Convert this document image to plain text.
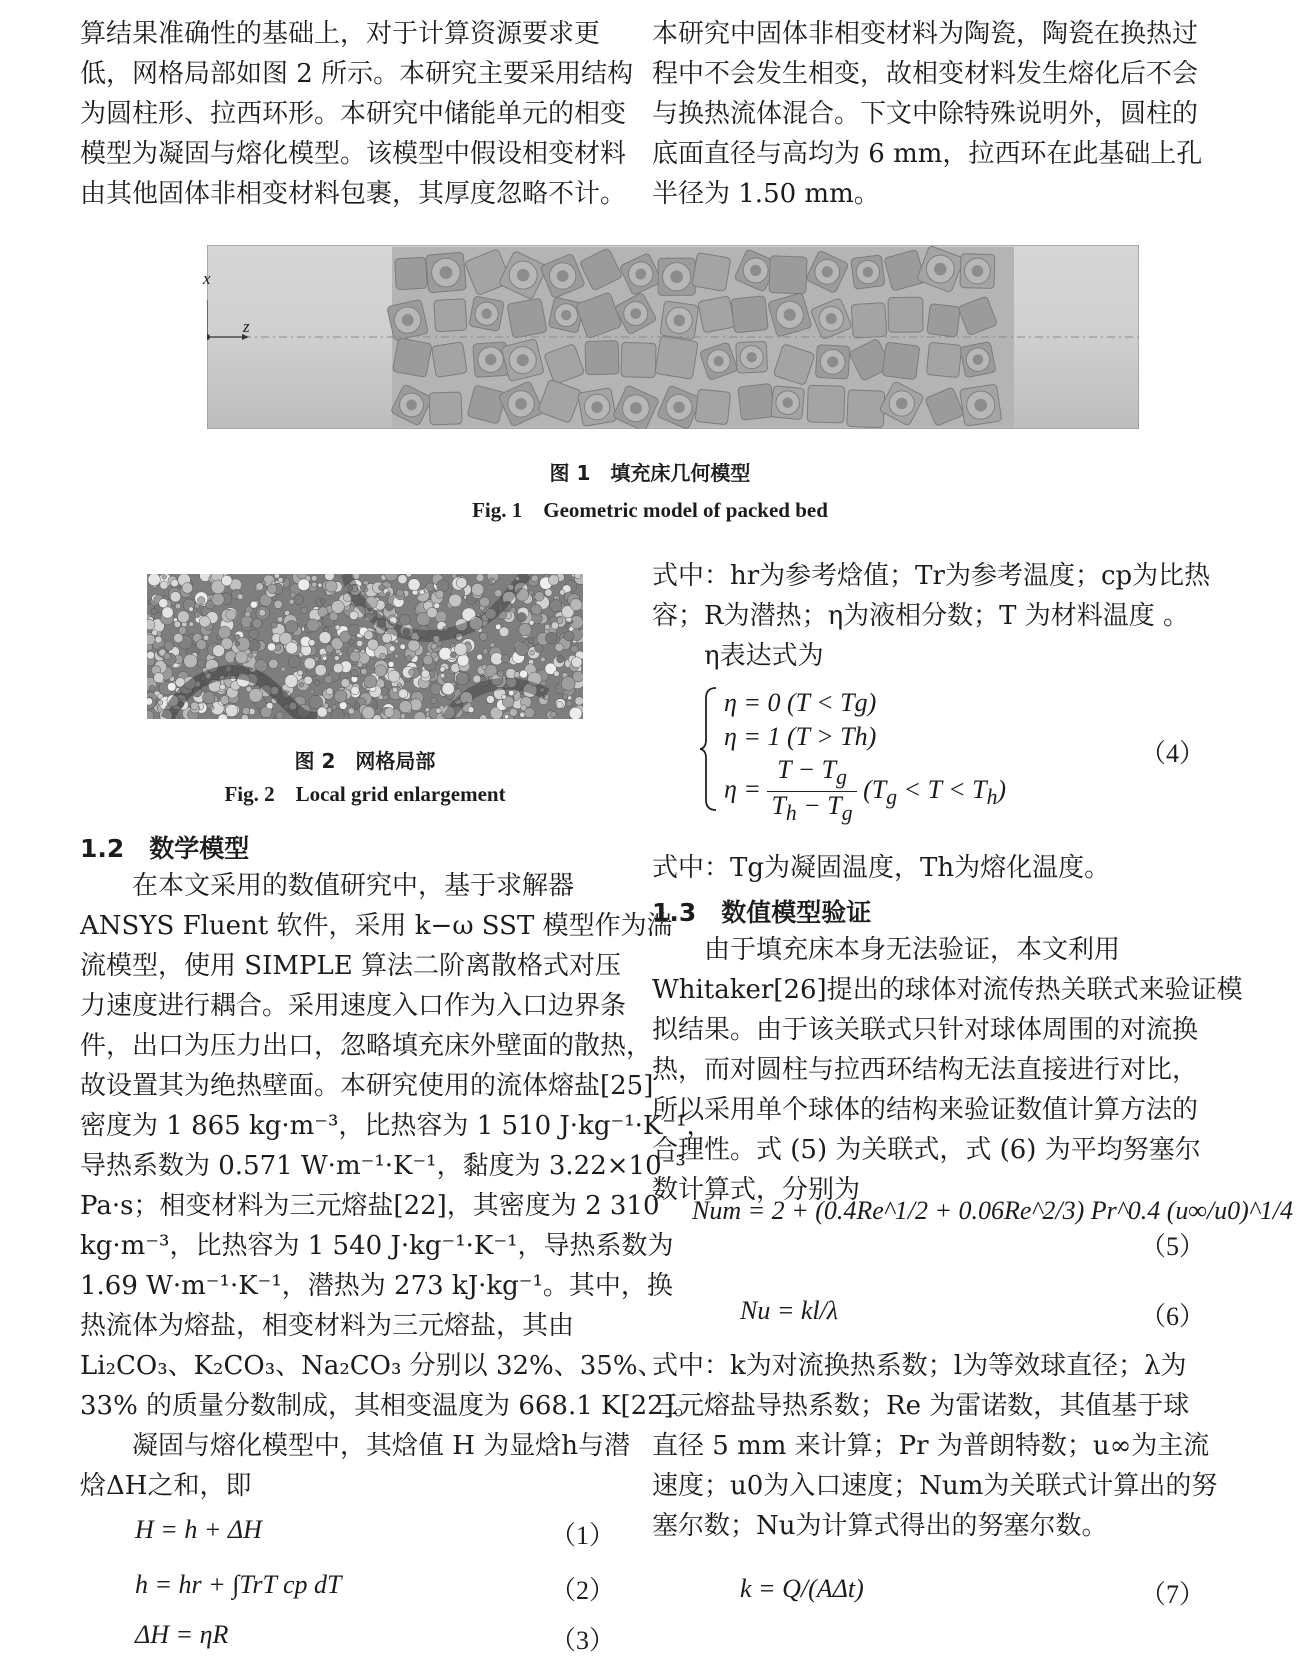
算结果准确性的基础上，对于计算资源要求更
低，网格局部如图 2 所示。本研究主要采用结构
为圆柱形、拉西环形。本研究中储能单元的相变
模型为凝固与熔化模型。该模型中假设相变材料
由其他固体非相变材料包裹，其厚度忽略不计。
本研究中固体非相变材料为陶瓷，陶瓷在换热过
程中不会发生相变，故相变材料发生熔化后不会
与换热流体混合。下文中除特殊说明外，圆柱的
底面直径与高均为 6 mm，拉西环在此基础上孔
半径为 1.50 mm。
x
z
图 1　填充床几何模型
Fig. 1　Geometric model of packed bed
图 2　网格局部
Fig. 2　Local grid enlargement
1.2　数学模型
在本文采用的数值研究中，基于求解器
ANSYS Fluent 软件，采用 k−ω SST 模型作为湍
流模型，使用 SIMPLE 算法二阶离散格式对压
力速度进行耦合。采用速度入口作为入口边界条
件，出口为压力出口，忽略填充床外壁面的散热，
故设置其为绝热壁面。本研究使用的流体熔盐[25]
密度为 1 865 kg·m⁻³，比热容为 1 510 J·kg⁻¹·K⁻¹，
导热系数为 0.571 W·m⁻¹·K⁻¹，黏度为 3.22×10⁻³
Pa·s；相变材料为三元熔盐[22]，其密度为 2 310
kg·m⁻³，比热容为 1 540 J·kg⁻¹·K⁻¹，导热系数为
1.69 W·m⁻¹·K⁻¹，潜热为 273 kJ·kg⁻¹。其中，换
热流体为熔盐，相变材料为三元熔盐，其由
Li₂CO₃、K₂CO₃、Na₂CO₃ 分别以 32%、35%、
33% 的质量分数制成，其相变温度为 668.1 K[22]。
凝固与熔化模型中，其焓值 H 为显焓h与潜
焓ΔH之和，即
H = h + ΔH	（1）
h = hr + ∫TrT cp dT	（2）
ΔH = ηR	（3）
式中：hr为参考焓值；Tr为参考温度；cp为比热
容；R为潜热；η为液相分数；T 为材料温度 。
η表达式为
η = 0 (T < Tg)
η = 1 (T > Th)
$\eta = \frac{T - T_g}{T_h - T_g} (T_g < T < T_h)$
（4）
式中：Tg为凝固温度，Th为熔化温度。
1.3　数值模型验证
由于填充床本身无法验证，本文利用
Whitaker[26]提出的球体对流传热关联式来验证模
拟结果。由于该关联式只针对球体周围的对流换
热，而对圆柱与拉西环结构无法直接进行对比，
所以采用单个球体的结构来验证数值计算方法的
合理性。式 (5) 为关联式，式 (6) 为平均努塞尔
数计算式，分别为
Num = 2 + (0.4Re^1/2 + 0.06Re^2/3) Pr^0.4 (u∞/u0)^1/4
（5）
Nu = kl/λ	（6）
式中：k为对流换热系数；l为等效球直径；λ为
三元熔盐导热系数；Re 为雷诺数，其值基于球
直径 5 mm 来计算；Pr 为普朗特数；u∞为主流
速度；u0为入口速度；Num为关联式计算出的努
塞尔数；Nu为计算式得出的努塞尔数。
k = Q/(AΔt)	（7）
